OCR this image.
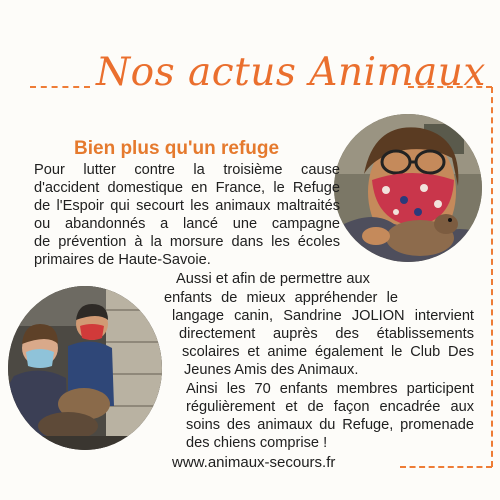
Nos actus Animaux
Bien plus qu'un refuge

Pour lutter contre la troisième cause

d'accident domestique en France, le Refuge

de l'Espoir qui secourt les animaux maltraités

ou abandonnés a lancé une campagne

de prévention à la morsure dans les écoles

primaires de Haute-Savoie.

Aussi et afin de permettre aux

enfants de mieux appréhender le

langage canin, Sandrine JOLION intervient

directement auprès des établissements

scolaires et anime également le Club Des

Jeunes Amis des Animaux.

Ainsi les 70 enfants membres participent

régulièrement et de façon encadrée aux

soins des animaux du Refuge, promenade

des chiens comprise !

www.animaux-secours.fr
